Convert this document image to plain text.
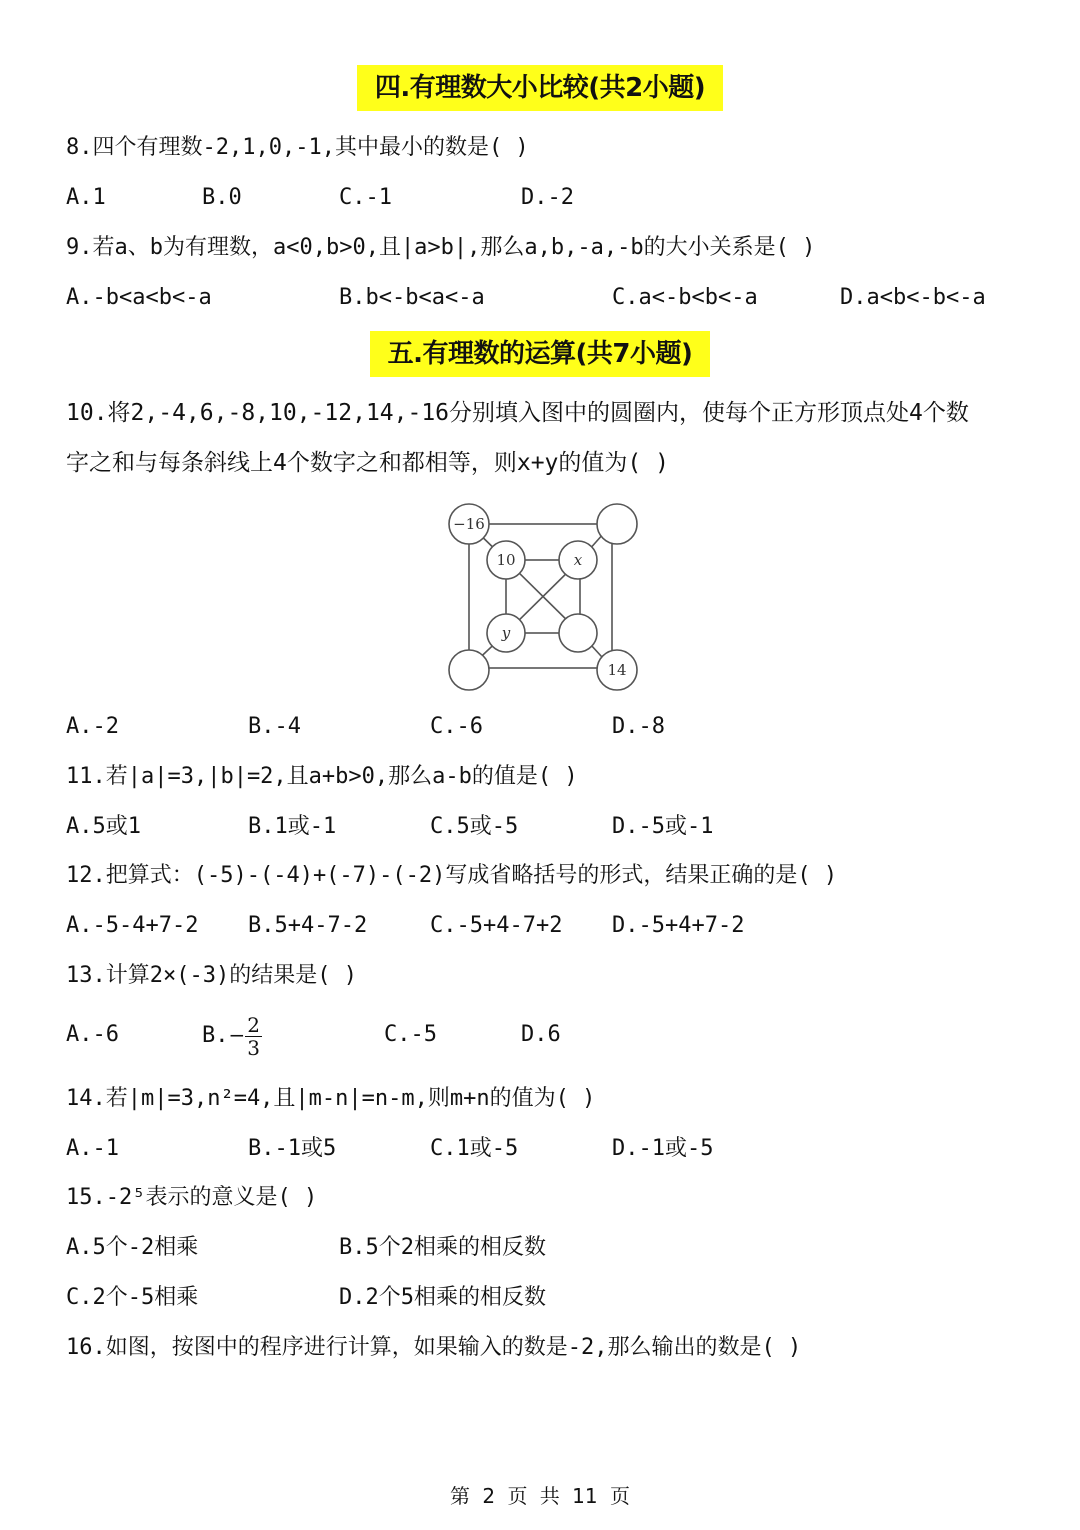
四.有理数大小比较(共2小题)
8.四个有理数-2,1,0,-1,其中最小的数是( )
A.1	B.0	C.-1	D.-2
9.若a、b为有理数，a<0,b>0,且|a>b|,那么a,b,-a,-b的大小关系是( )
A.-b<a<b<-a	B.b<-b<a<-a	C.a<-b<b<-a	D.a<b<-b<-a
五.有理数的运算(共7小题)
10.将2,-4,6,-8,10,-12,14,-16分别填入图中的圆圈内，使每个正方形顶点处4个数
字之和与每条斜线上4个数字之和都相等，则x+y的值为( )
−16
10	x
y
14
A.-2	B.-4	C.-6	D.-8
11.若|a|=3,|b|=2,且a+b>0,那么a-b的值是( )
A.5或1	B.1或-1	C.5或-5	D.-5或-1
12.把算式：(-5)-(-4)+(-7)-(-2)写成省略括号的形式，结果正确的是( )
A.-5-4+7-2 B.5+4-7-2	C.-5+4-7+2 D.-5+4+7-2
13.计算2×(-3)的结果是( )
A.-6	$B.- \frac{2}{3}$	C.-5	D.6
14.若|m|=3,n²=4,且|m-n|=n-m,则m+n的值为( )
A.-1	B.-1或5	C.1或-5	D.-1或-5
15.-2⁵表示的意义是( )
A.5个-2相乘	B.5个2相乘的相反数
C.2个-5相乘	D.2个5相乘的相反数
16.如图，按图中的程序进行计算，如果输入的数是-2,那么输出的数是( )
第 2 页 共 11 页
